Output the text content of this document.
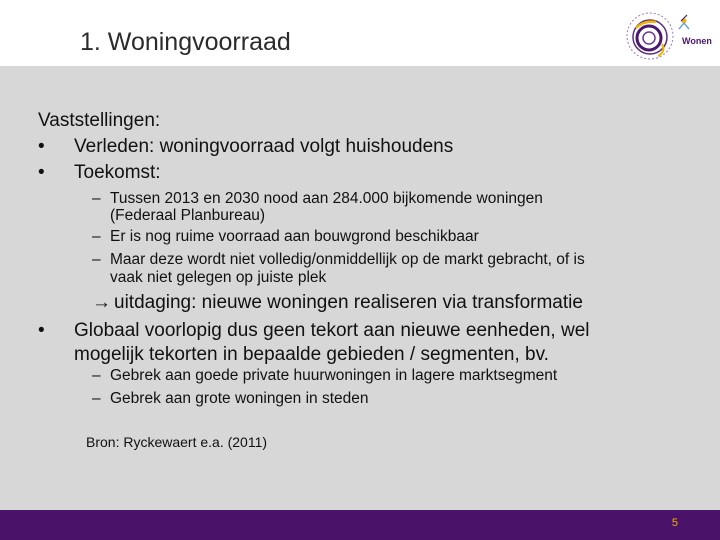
1. Woningvoorraad	Wonen
Vaststellingen:
• Verleden: woningvoorraad volgt huishoudens
• Toekomst:
– Tussen 2013 en 2030 nood aan 284.000 bijkomende woningen
(Federaal Planbureau)
– Er is nog ruime voorraad aan bouwgrond beschikbaar
– Maar deze wordt niet volledig/onmiddellijk op de markt gebracht, of is
vaak niet gelegen op juiste plek
→ uitdaging: nieuwe woningen realiseren via transformatie
• Globaal voorlopig dus geen tekort aan nieuwe eenheden, wel
mogelijk tekorten in bepaalde gebieden / segmenten, bv.
– Gebrek aan goede private huurwoningen in lagere marktsegment
– Gebrek aan grote woningen in steden
Bron: Ryckewaert e.a. (2011)
5
